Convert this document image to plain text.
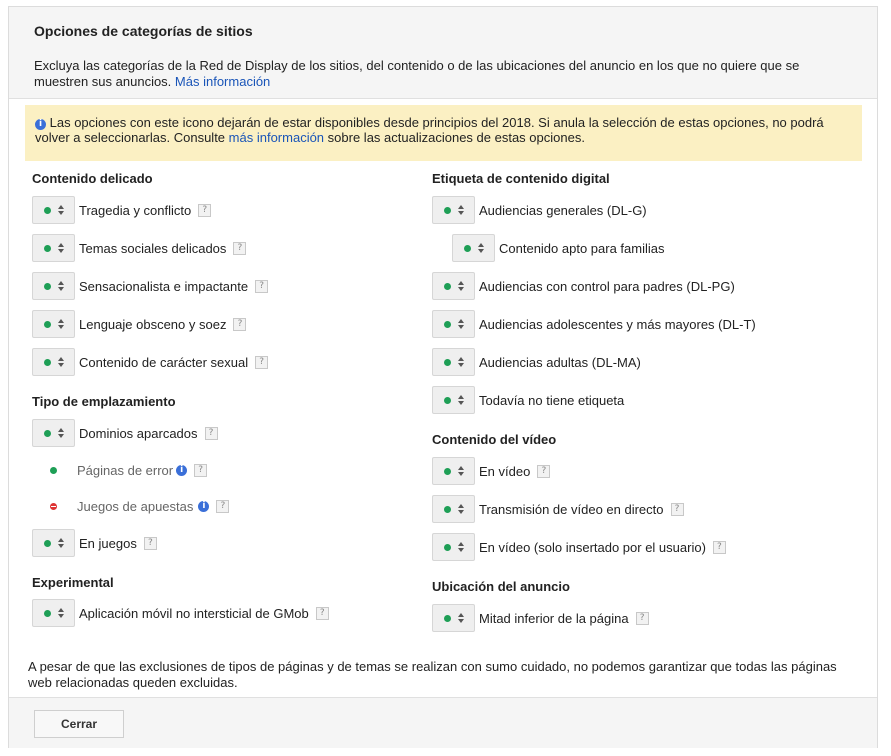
Opciones de categorías de sitios
Excluya las categorías de la Red de Display de los sitios, del contenido o de las ubicaciones del anuncio en los que no quiere que se muestren sus anuncios. Más información
i Las opciones con este icono dejarán de estar disponibles desde principios del 2018. Si anula la selección de estas opciones, no podrá volver a seleccionarlas. Consulte más información sobre las actualizaciones de estas opciones.
Contenido delicado
Tragedia y conflicto	?
Temas sociales delicados	?
Sensacionalista e impactante	?
Lenguaje obsceno y soez	?
Contenido de carácter sexual	?
Tipo de emplazamiento
Dominios aparcados	?
Páginas de error i	?
Juegos de apuestas i	?
En juegos	?
Experimental
Aplicación móvil no intersticial de GMob	?
Etiqueta de contenido digital
Audiencias generales (DL-G)
Contenido apto para familias
Audiencias con control para padres (DL-PG)
Audiencias adolescentes y más mayores (DL-T)
Audiencias adultas (DL-MA)
Todavía no tiene etiqueta
Contenido del vídeo
En vídeo	?
Transmisión de vídeo en directo	?
En vídeo (solo insertado por el usuario)	?
Ubicación del anuncio
Mitad inferior de la página	?
A pesar de que las exclusiones de tipos de páginas y de temas se realizan con sumo cuidado, no podemos garantizar que todas las páginas web relacionadas queden excluidas.
Cerrar
